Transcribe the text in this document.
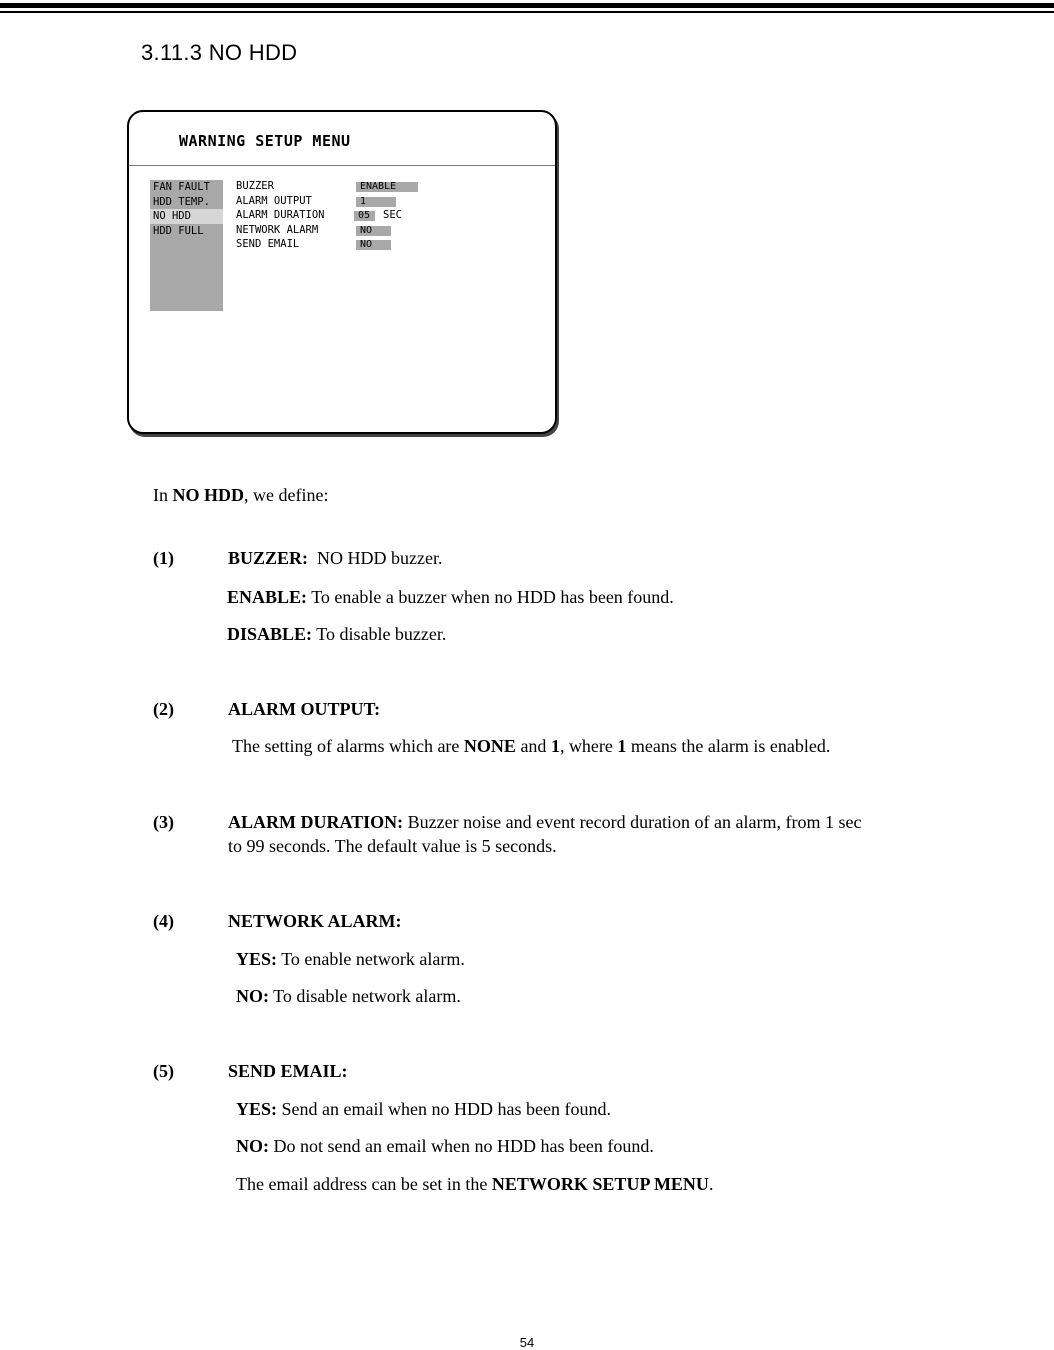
3.11.3 NO HDD
WARNING SETUP MENU
FAN FAULT
HDD TEMP.
NO HDD
HDD FULL
BUZZER	ENABLE
ALARM OUTPUT	1
ALARM DURATION	05	SEC
NETWORK ALARM	NO
SEND EMAIL	NO
In NO HDD, we define:
(1)	BUZZER:  NO HDD buzzer.
ENABLE: To enable a buzzer when no HDD has been found.
DISABLE: To disable buzzer.
(2)	ALARM OUTPUT:
The setting of alarms which are NONE and 1, where 1 means the alarm is enabled.
(3)	ALARM DURATION: Buzzer noise and event record duration of an alarm, from 1 sec
to 99 seconds. The default value is 5 seconds.
(4)	NETWORK ALARM:
YES: To enable network alarm.
NO: To disable network alarm.
(5)	SEND EMAIL:
YES: Send an email when no HDD has been found.
NO: Do not send an email when no HDD has been found.
The email address can be set in the NETWORK SETUP MENU.
54
